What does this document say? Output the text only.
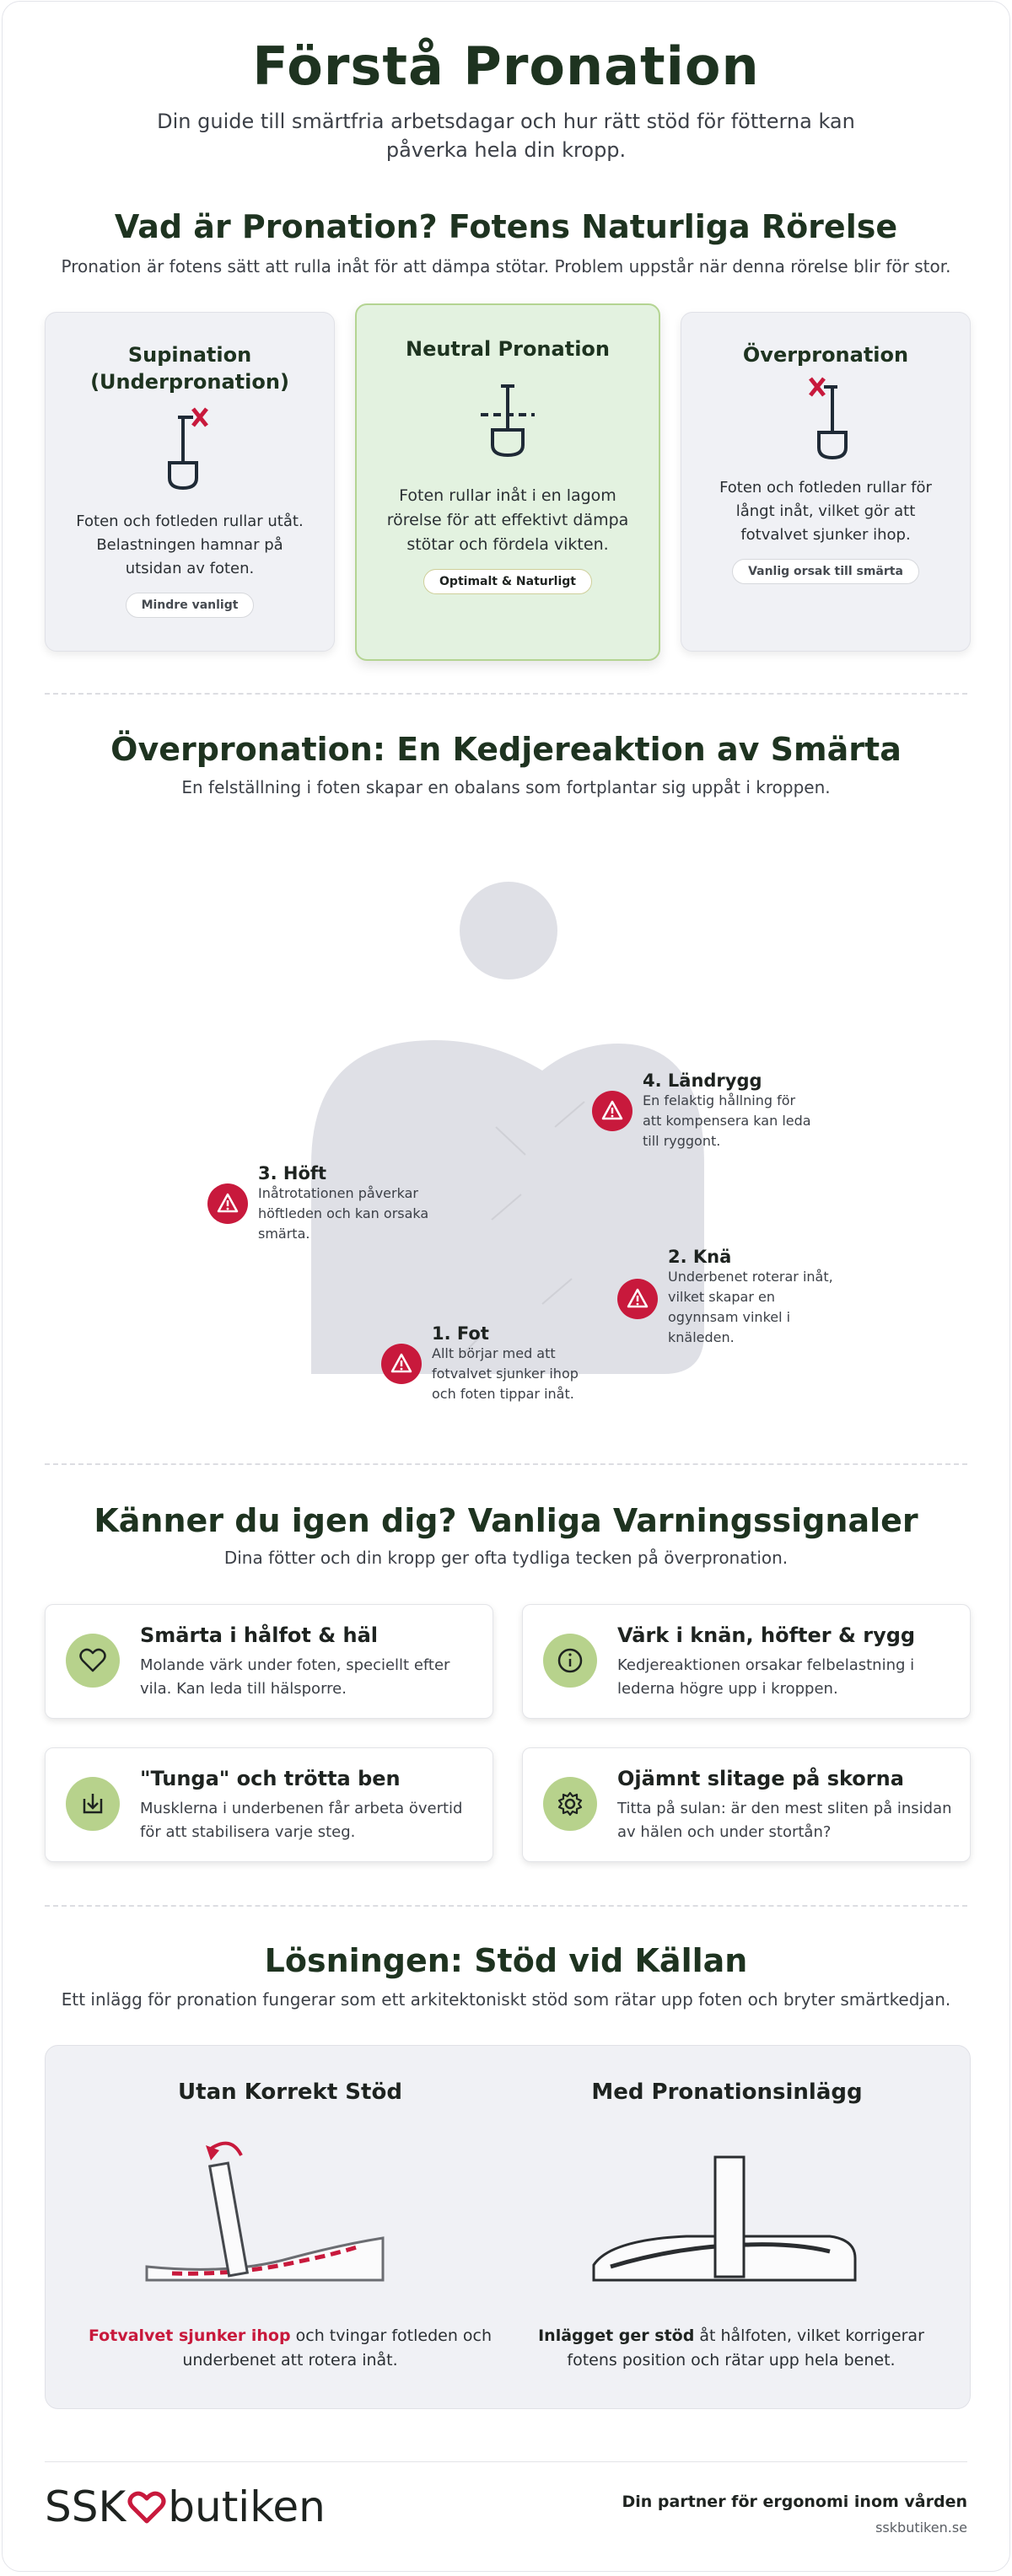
Förstå Pronation
Din guide till smärtfria arbetsdagar och hur rätt stöd för fötterna kan påverka hela din kropp.
Vad är Pronation? Fotens Naturliga Rörelse
Pronation är fotens sätt att rulla inåt för att dämpa stötar. Problem uppstår när denna rörelse blir för stor.
Supination (Underpronation)
Foten och fotleden rullar utåt. Belastningen hamnar på utsidan av foten.
Mindre vanligt
Neutral Pronation
Foten rullar inåt i en lagom rörelse för att effektivt dämpa stötar och fördela vikten.
Optimalt & Naturligt
Överpronation
Foten och fotleden rullar för långt inåt, vilket gör att fotvalvet sjunker ihop.
Vanlig orsak till smärta
Överpronation: En Kedjereaktion av Smärta
En felställning i foten skapar en obalans som fortplantar sig uppåt i kroppen.
4. Ländrygg
En felaktig hållning för att kompensera kan leda till ryggont.
3. Höft
Inåtrotationen påverkar höftleden och kan orsaka smärta.
2. Knä
Underbenet roterar inåt, vilket skapar en ogynnsam vinkel i knäleden.
1. Fot
Allt börjar med att fotvalvet sjunker ihop och foten tippar inåt.
Känner du igen dig? Vanliga Varningssignaler
Dina fötter och din kropp ger ofta tydliga tecken på överpronation.
Smärta i hålfot & häl
Molande värk under foten, speciellt efter vila. Kan leda till hälsporre.
Värk i knän, höfter & rygg
Kedjereaktionen orsakar felbelastning i lederna högre upp i kroppen.
"Tunga" och trötta ben
Musklerna i underbenen får arbeta övertid för att stabilisera varje steg.
Ojämnt slitage på skorna
Titta på sulan: är den mest sliten på insidan av hälen och under stortån?
Lösningen: Stöd vid Källan
Ett inlägg för pronation fungerar som ett arkitektoniskt stöd som rätar upp foten och bryter smärtkedjan.
Utan Korrekt Stöd	Med Pronationsinlägg
Fotvalvet sjunker ihop och tvingar fotleden och underbenet att rotera inåt.
Inlägget ger stöd åt hålfoten, vilket korrigerar fotens position och rätar upp hela benet.
SSK butiken	Din partner för ergonomi inom vården
sskbutiken.se
